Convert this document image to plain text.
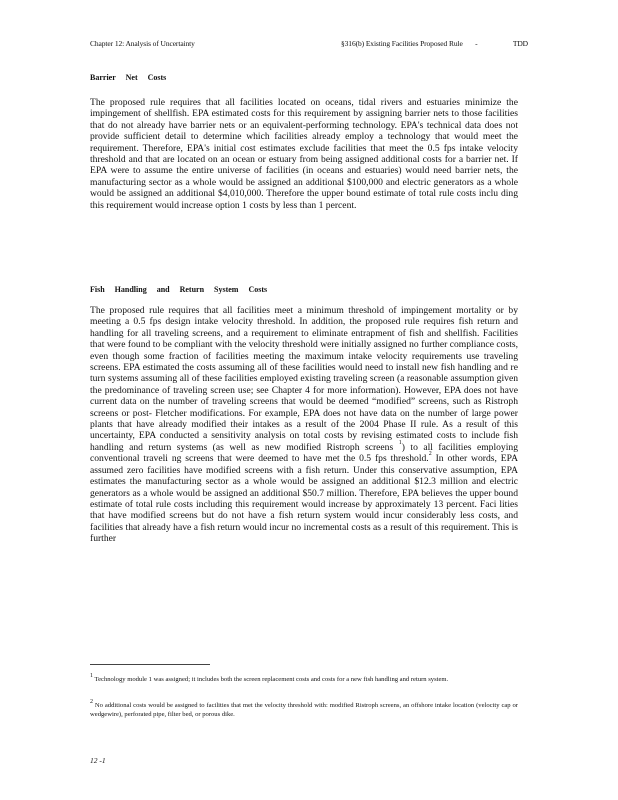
Chapter 12: Analysis of Uncertainty	§316(b) Existing Facilities Proposed Rule -	TDD
Barrier Net Costs

The proposed rule requires that all facilities located on oceans, tidal rivers and estuaries minimize the impingement of shellfish. EPA estimated costs for this requirement by assigning barrier nets to those facilities that do not already have barrier nets or an equivalent-performing technology. EPA's technical data does not provide sufficient detail to determine which facilities already employ a technology that would meet the requirement. Therefore, EPA's initial cost estimates exclude facilities that meet the 0.5 fps intake velocity threshold and that are located on an ocean or estuary from being assigned additional costs for a barrier net. If EPA were to assume the entire universe of facilities (in oceans and estuaries) would need barrier nets, the manufacturing sector as a whole would be assigned an additional $100,000 and electric generators as a whole would be assigned an additional $4,010,000. Therefore the upper bound estimate of total rule costs inclu ding this requirement would increase option 1 costs by less than 1 percent.

Fish Handling and Return System Costs

The proposed rule requires that all facilities meet a minimum threshold of impingement mortality or by meeting a 0.5 fps design intake velocity threshold. In addition, the proposed rule requires fish return and handling for all traveling screens, and a requirement to eliminate entrapment of fish and shellfish. Facilities that were found to be compliant with the velocity threshold were initially assigned no further compliance costs, even though some fraction of facilities meeting the maximum intake velocity requirements use traveling screens. EPA estimated the costs assuming all of these facilities would need to install new fish handling and re turn systems assuming all of these facilities employed existing traveling screen (a reasonable assumption given the predominance of traveling screen use; see Chapter 4 for more information). However, EPA does not have current data on the number of traveling screens that would be deemed “modified” screens, such as Ristroph screens or post- Fletcher modifications. For example, EPA does not have data on the number of large power plants that have already modified their intakes as a result of the 2004 Phase II rule. As a result of this uncertainty, EPA conducted a sensitivity analysis on total costs by revising estimated costs to include fish handling and return systems (as well as new modified Ristroph screens $^1$) to all facilities employing conventional traveli ng screens that were deemed to have met the 0.5 fps threshold.$^2$ In other words, EPA assumed zero facilities have modified screens with a fish return. Under this conservative assumption, EPA estimates the manufacturing sector as a whole would be assigned an additional $12.3 million and electric generators as a whole would be assigned an additional $50.7 million. Therefore, EPA believes the upper bound estimate of total rule costs including this requirement would increase by approximately 13 percent. Faci lities that have modified screens but do not have a fish return system would incur considerably less costs, and facilities that already have a fish return would incur no incremental costs as a result of this requirement. This is further

$^1$ Technology module 1 was assigned; it includes both the screen replacement costs and costs for a new fish handling and return system.

$^2$ No additional costs would be assigned to facilities that met the velocity threshold with: modified Ristroph screens, an offshore intake location (velocity cap or wedgewire), perforated pipe, filter bed, or porous dike.

12 -1
